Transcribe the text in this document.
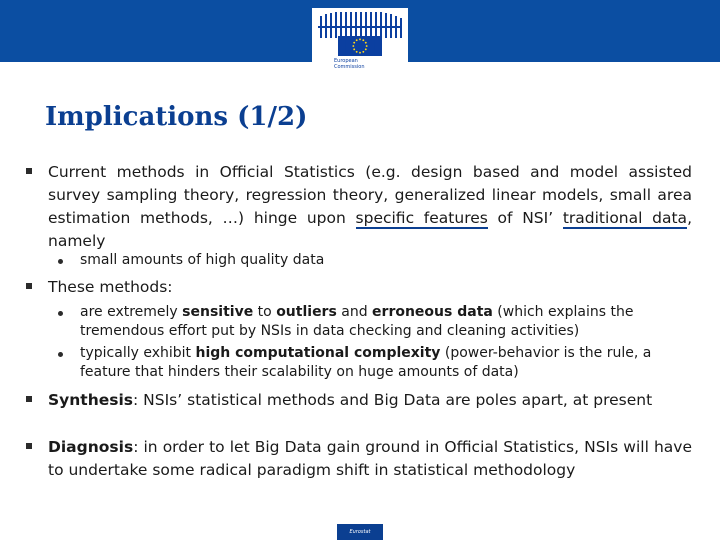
European
Commission
Implications (1/2)
Current methods in Official Statistics (e.g. design based and model assisted survey sampling theory, regression theory, generalized linear models, small area estimation methods, …) hinge upon specific features of NSI’ traditional data, namely
small amounts of high quality data
These methods:
are extremely sensitive to outliers and erroneous data (which explains the tremendous effort put by NSIs in data checking and cleaning activities)
typically exhibit high computational complexity (power-behavior is the rule, a feature that hinders their scalability on huge amounts of data)
Synthesis: NSIs’ statistical methods and Big Data are poles apart, at present
Diagnosis: in order to let Big Data gain ground in Official Statistics, NSIs will have to undertake some radical paradigm shift in statistical methodology
Eurostat
